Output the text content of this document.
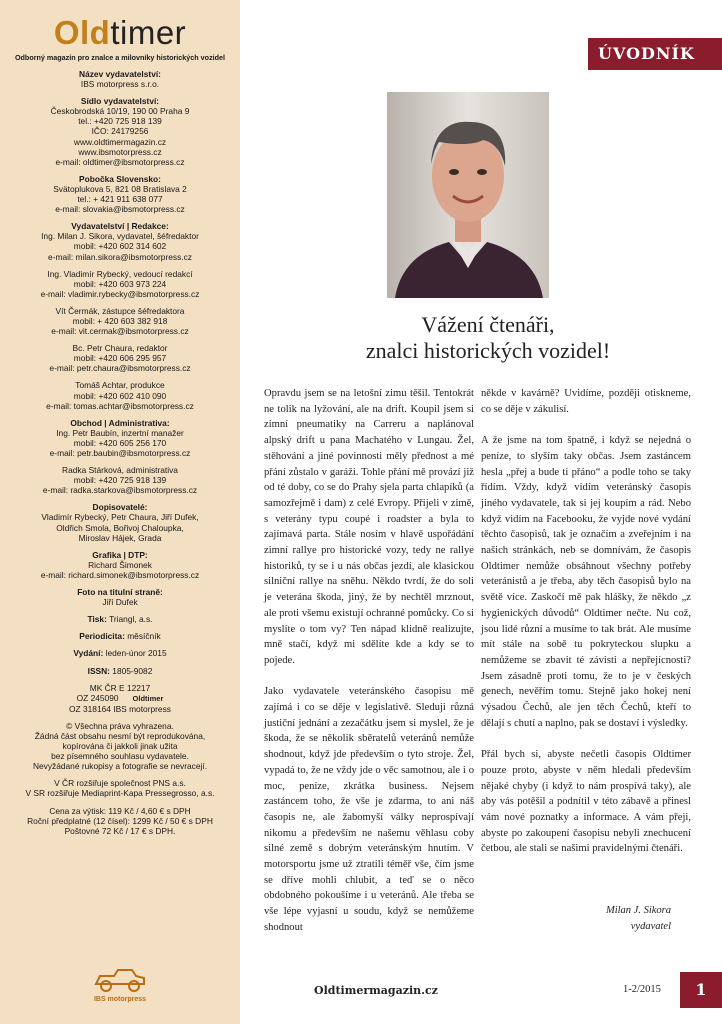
Oldtimer
Odborný magazín pro znalce a milovníky historických vozidel
Název vydavatelství:
IBS motorpress s.r.o.
Sídlo vydavatelství:
Českobrodská 10/19, 190 00 Praha 9
tel.: +420 725 918 139
IČO: 24179256
www.oldtimermagazin.cz
www.ibsmotorpress.cz
e-mail: oldtimer@ibsmotorpress.cz
Pobočka Slovensko:
Svätoplukova 5, 821 08 Bratislava 2
tel.: + 421 911 638 077
e-mail: slovakia@ibsmotorpress.cz
Vydavatelství | Redakce:
Ing. Milan J. Sikora, vydavatel, šéfredaktor
mobil: +420 602 314 602
e-mail: milan.sikora@ibsmotorpress.cz
Ing. Vladimír Rybecký, vedoucí redakcí
mobil: +420 603 973 224
e-mail: vladimir.rybecky@ibsmotorpress.cz
Vít Čermák, zástupce šéfredaktora
mobil: + 420 603 382 918
e-mail: vit.cermak@ibsmotorpress.cz
Bc. Petr Chaura, redaktor
mobil: +420 606 295 957
e-mail: petr.chaura@ibsmotorpress.cz
Tomáš Achtar, produkce
mobil: +420 602 410 090
e-mail: tomas.achtar@ibsmotorpress.cz
Obchod | Administrativa:
Ing. Petr Baubín, inzertní manažer
mobil: +420 605 256 170
e-mail: petr.baubin@ibsmotorpress.cz
Radka Stárková, administrativa
mobil: +420 725 918 139
e-mail: radka.starkova@ibsmotorpress.cz
Dopisovatelé:
Vladimír Rybecký, Petr Chaura, Jiří Dufek,
Oldřich Smola, Bořivoj Chaloupka,
Miroslav Hájek, Grada
Grafika | DTP:
Richard Šimonek
e-mail: richard.simonek@ibsmotorpress.cz
Foto na titulní straně:
Jiří Dufek
Tisk: Triangl, a.s.
Periodicita: měsíčník
Vydání: leden-únor 2015
ISSN: 1805-9082
MK ČR E 12217
OZ 245090 Oldtimer
OZ 318164 IBS motorpress
© Všechna práva vyhrazena.
Žádná část obsahu nesmí být reprodukována,
kopírována či jakkoli jinak užita
bez písemného souhlasu vydavatele.
Nevyžádané rukopisy a fotografie se nevracejí.
V ČR rozšiřuje společnost PNS a.s.
V SR rozšiřuje Mediaprint-Kapa Pressegrosso, a.s.
Cena za výtisk: 119 Kč / 4,60 € s DPH
Roční předplatné (12 čísel): 1299 Kč / 50 € s DPH
Poštovné 72 Kč / 17 € s DPH.
IBS motorpress
ÚVODNÍK
Vážení čtenáři,
znalci historických vozidel!

Opravdu jsem se na letošní zimu těšil. Tentokrát ne tolik na lyžování, ale na drift. Koupil jsem si zimní pneumatiky na Carreru a naplánoval alpský drift u pana Machatého v Lungau. Žel, stěhování a jiné povinnosti měly přednost a mé přání zůstalo v garáži. Tohle přání mě provází již od té doby, co se do Prahy sjela parta chlapíků (a samozřejmě i dam) z celé Evropy. Přijeli v zimě, s veterány typu coupé i roadster a byla to zajímavá parta. Stále nosím v hlavě uspořádání zimní rallye pro historické vozy, tedy ne rallye historiků, ty se i u nás občas jezdí, ale klasickou silniční rallye na sněhu. Někdo tvrdí, že do soli je veterána škoda, jiný, že by nechtěl mrznout, ale proti všemu existují ochranné pomůcky. Co si myslíte o tom vy? Ten nápad klidně realizujte, mně stačí, když mi sdělíte kde a kdy se to pojede.

Jako vydavatele veteránského časopisu mě zajímá i co se děje v legislativě. Sleduji různá justiční jednání a zezačátku jsem si myslel, že je škoda, že se několik sběratelů veteránů nemůže shodnout, když jde především o tyto stroje. Žel, vypadá to, že ne vždy jde o věc samotnou, ale i o moc, peníze, zkrátka business. Nejsem zastáncem toho, že vše je zdarma, to ani náš časopis ne, ale žabomyší války neprospívají nikomu a především ne našemu věhlasu coby silné země s dobrým veteránským hnutím. V motorsportu jsme už ztratili téměř vše, čím jsme se dříve mohli chlubit, a teď se o něco obdobného pokoušíme i u veteránů. Ale třeba se vše lépe vyjasní u soudu, když se nemůžeme shodnout

někde v kavárně? Uvidíme, později otiskneme, co se děje v zákulisí.

A že jsme na tom špatně, i když se nejedná o peníze, to slyším taky občas. Jsem zastáncem hesla „přej a bude ti přáno“ a podle toho se taky řídím. Vždy, když vidím veteránský časopis jiného vydavatele, tak si jej koupím a rád. Nebo když vidím na Facebooku, že vyjde nové vydání těchto časopisů, tak je označím a zveřejním i na našich stránkách, neb se domnívám, že časopis Oldtimer nemůže obsáhnout všechny potřeby veteránistů a je třeba, aby těch časopisů bylo na světě více. Zaskočí mě pak hlášky, že někdo „z hygienických důvodů“ Oldtimer nečte. Nu což, jsou lidé různí a musíme to tak brát. Ale musíme mít stále na sobě tu pokryteckou slupku a nemůžeme se zbavit té závisti a nepřejícnosti? Jsem zásadně proti tomu, že to je v českých genech, nevěřím tomu. Stejně jako hokej není výsadou Čechů, ale jen těch Čechů, kteří to dělají s chutí a naplno, pak se dostaví i výsledky.

Přál bych si, abyste nečetli časopis Oldtimer pouze proto, abyste v něm hledali především nějaké chyby (i když to nám prospívá taky), ale aby vás potěšil a podnítil v této zábavě a přinesl vám nové poznatky a informace. A vám přeji, abyste po zakoupení časopisu nebyli znechucení četbou, ale stali se našimi pravidelnými čtenáři.

Milan J. Sikora
vydavatel
Oldtimermagazin.cz	1-2/2015	1
